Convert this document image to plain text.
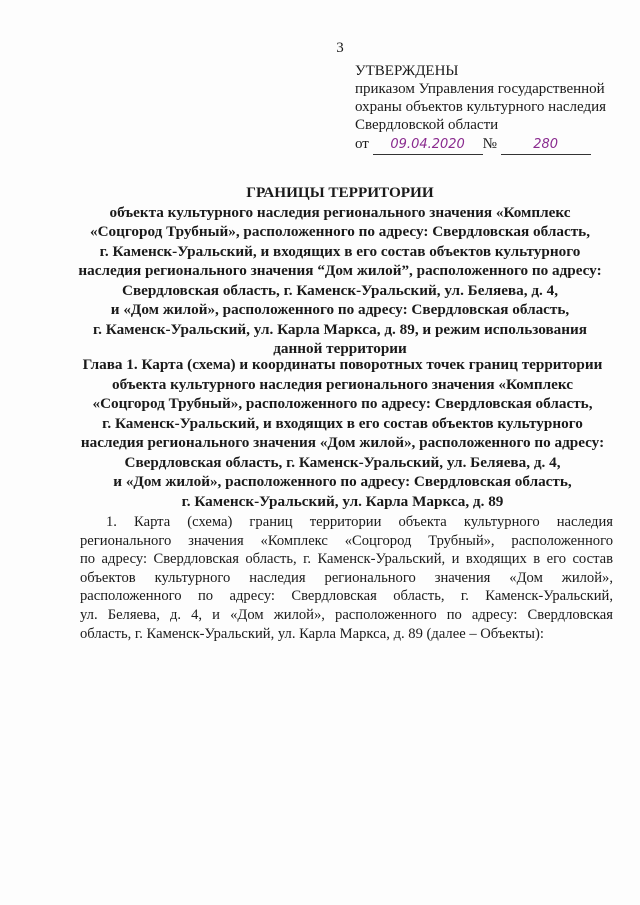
3
УТВЕРЖДЕНЫ
приказом Управления государственной
охраны объектов культурного наследия
Свердловской области
от 09.04.2020 №	280
ГРАНИЦЫ ТЕРРИТОРИИ
объекта культурного наследия регионального значения «Комплекс
«Соцгород Трубный», расположенного по адресу: Свердловская область,
г. Каменск-Уральский, и входящих в его состав объектов культурного
наследия регионального значения “Дом жилой”, расположенного по адресу:
Свердловская область, г. Каменск-Уральский, ул. Беляева, д. 4,
и «Дом жилой», расположенного по адресу: Свердловская область,
г. Каменск-Уральский, ул. Карла Маркса, д. 89, и режим использования
данной территории
Глава 1. Карта (схема) и координаты поворотных точек границ территории
объекта культурного наследия регионального значения «Комплекс
«Соцгород Трубный», расположенного по адресу: Свердловская область,
г. Каменск-Уральский, и входящих в его состав объектов культурного
наследия регионального значения «Дом жилой», расположенного по адресу:
Свердловская область, г. Каменск-Уральский, ул. Беляева, д. 4,
и «Дом жилой», расположенного по адресу: Свердловская область,
г. Каменск-Уральский, ул. Карла Маркса, д. 89
1. Карта (схема) границ территории объекта культурного наследия
регионального значения «Комплекс «Соцгород Трубный», расположенного
по адресу: Свердловская область, г. Каменск-Уральский, и входящих в его состав
объектов культурного наследия регионального значения «Дом жилой»,
расположенного по адресу: Свердловская область, г. Каменск-Уральский,
ул. Беляева, д. 4, и «Дом жилой», расположенного по адресу: Свердловская
область, г. Каменск-Уральский, ул. Карла Маркса, д. 89 (далее – Объекты):
